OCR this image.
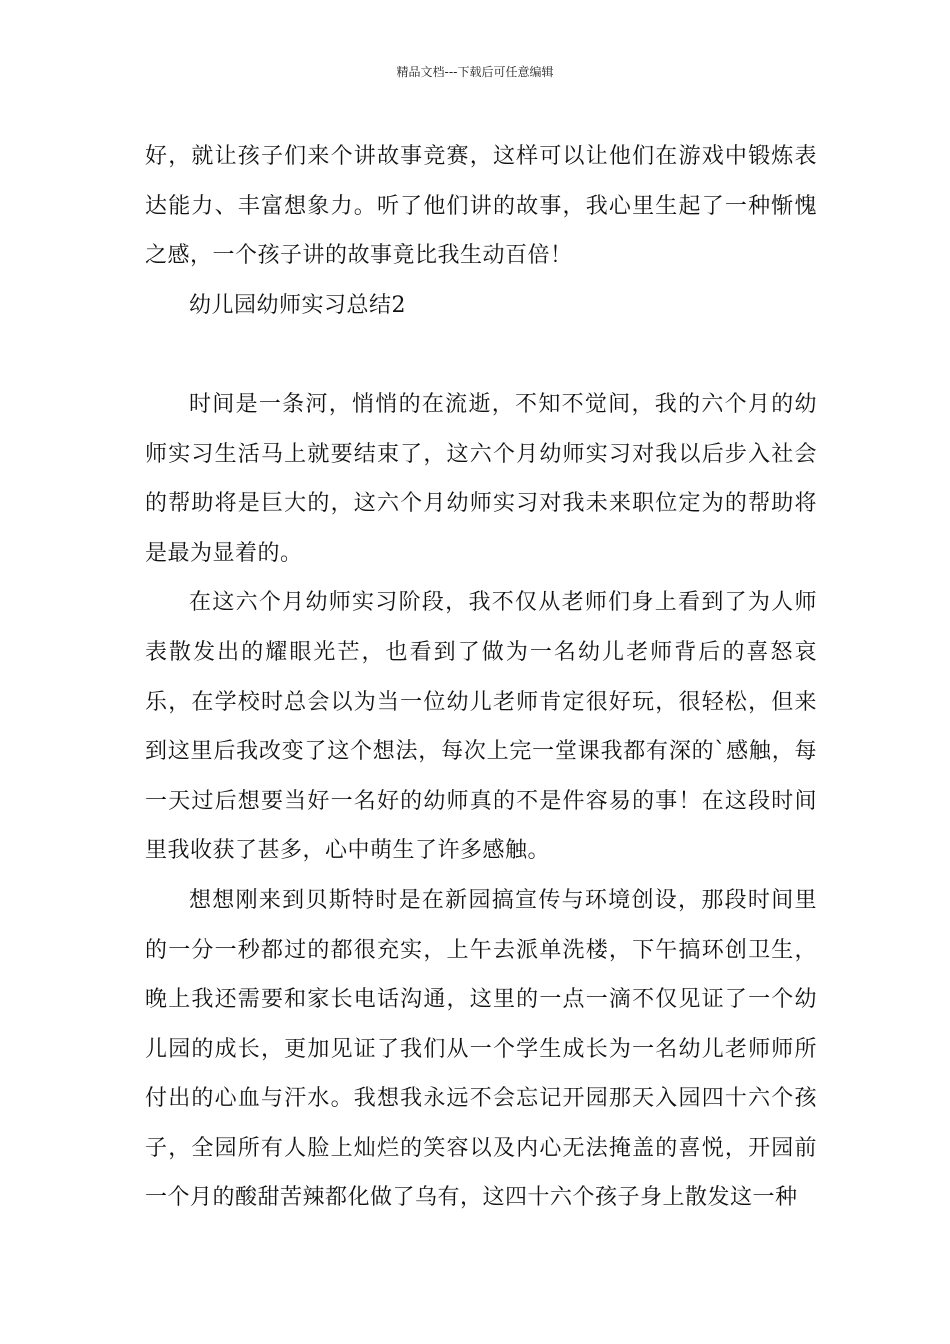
精品文档---下载后可任意编辑

好，就让孩子们来个讲故事竞赛，这样可以让他们在游戏中锻炼表达能力、丰富想象力。听了他们讲的故事，我心里生起了一种惭愧之感，一个孩子讲的故事竟比我生动百倍！

幼儿园幼师实习总结2

时间是一条河，悄悄的在流逝，不知不觉间，我的六个月的幼师实习生活马上就要结束了，这六个月幼师实习对我以后步入社会的帮助将是巨大的，这六个月幼师实习对我未来职位定为的帮助将是最为显着的。

在这六个月幼师实习阶段，我不仅从老师们身上看到了为人师表散发出的耀眼光芒，也看到了做为一名幼儿老师背后的喜怒哀乐，在学校时总会以为当一位幼儿老师肯定很好玩，很轻松，但来到这里后我改变了这个想法，每次上完一堂课我都有深的`感触，每一天过后想要当好一名好的幼师真的不是件容易的事！在这段时间里我收获了甚多，心中萌生了许多感触。

想想刚来到贝斯特时是在新园搞宣传与环境创设，那段时间里的一分一秒都过的都很充实，上午去派单洗楼，下午搞环创卫生，晚上我还需要和家长电话沟通，这里的一点一滴不仅见证了一个幼儿园的成长，更加见证了我们从一个学生成长为一名幼儿老师师所付出的心血与汗水。我想我永远不会忘记开园那天入园四十六个孩子，全园所有人脸上灿烂的笑容以及内心无法掩盖的喜悦，开园前一个月的酸甜苦辣都化做了乌有，这四十六个孩子身上散发这一种
